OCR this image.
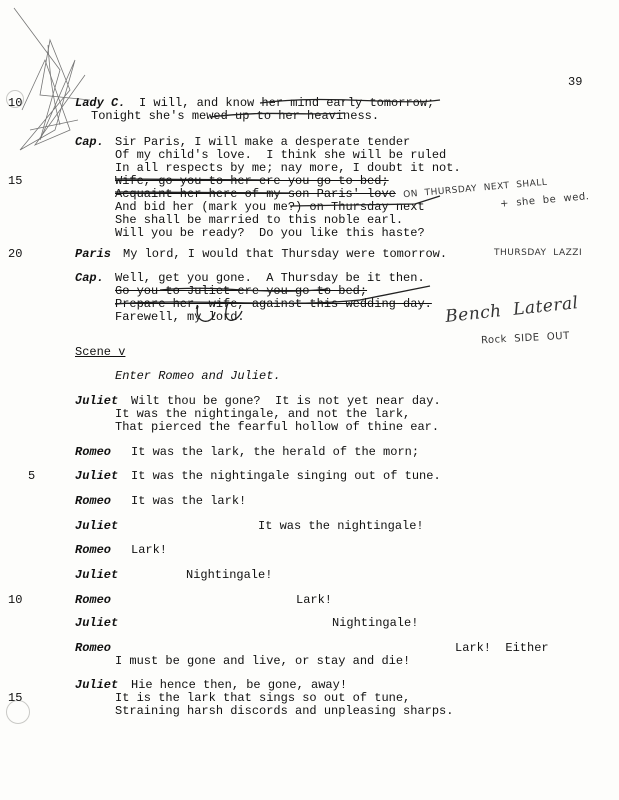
39
10	Lady C. I will, and know her mind early tomorrow;
Tonight she's mewed up to her heaviness.
Cap. Sir Paris, I will make a desperate tender
Of my child's love.  I think she will be ruled
In all respects by me; nay more, I doubt it not.
15	Wife, go you to her ere you go to bed;
Acquaint her here of my son Paris' love
And bid her (mark you me?) on Thursday next
She shall be married to this noble earl.
Will you be ready?  Do you like this haste?
20	Paris My lord, I would that Thursday were tomorrow.
Cap. Well, get you gone.  A Thursday be it then.
Go you to Juliet ere you go to bed;
Prepare her, wife, against this wedding day.
Farewell, my lord.
Scene v
Enter Romeo and Juliet.
Juliet Wilt thou be gone?  It is not yet near day.
It was the nightingale, and not the lark,
That pierced the fearful hollow of thine ear.
Romeo It was the lark, the herald of the morn;
5	Juliet It was the nightingale singing out of tune.
Romeo It was the lark!
Juliet	It was the nightingale!
Romeo Lark!
Juliet	Nightingale!
10	Romeo	Lark!
Juliet	Nightingale!
Romeo	Lark!  Either
I must be gone and live, or stay and die!
Juliet Hie hence then, be gone, away!
15	It is the lark that sings so out of tune,
Straining harsh discords and unpleasing sharps.
ON  THURSDAY  NEXT  SHALL
+  she  be  wed.
THURSDAY  LAZZI
Bench  Lateral
Rock  SIDE  OUT
